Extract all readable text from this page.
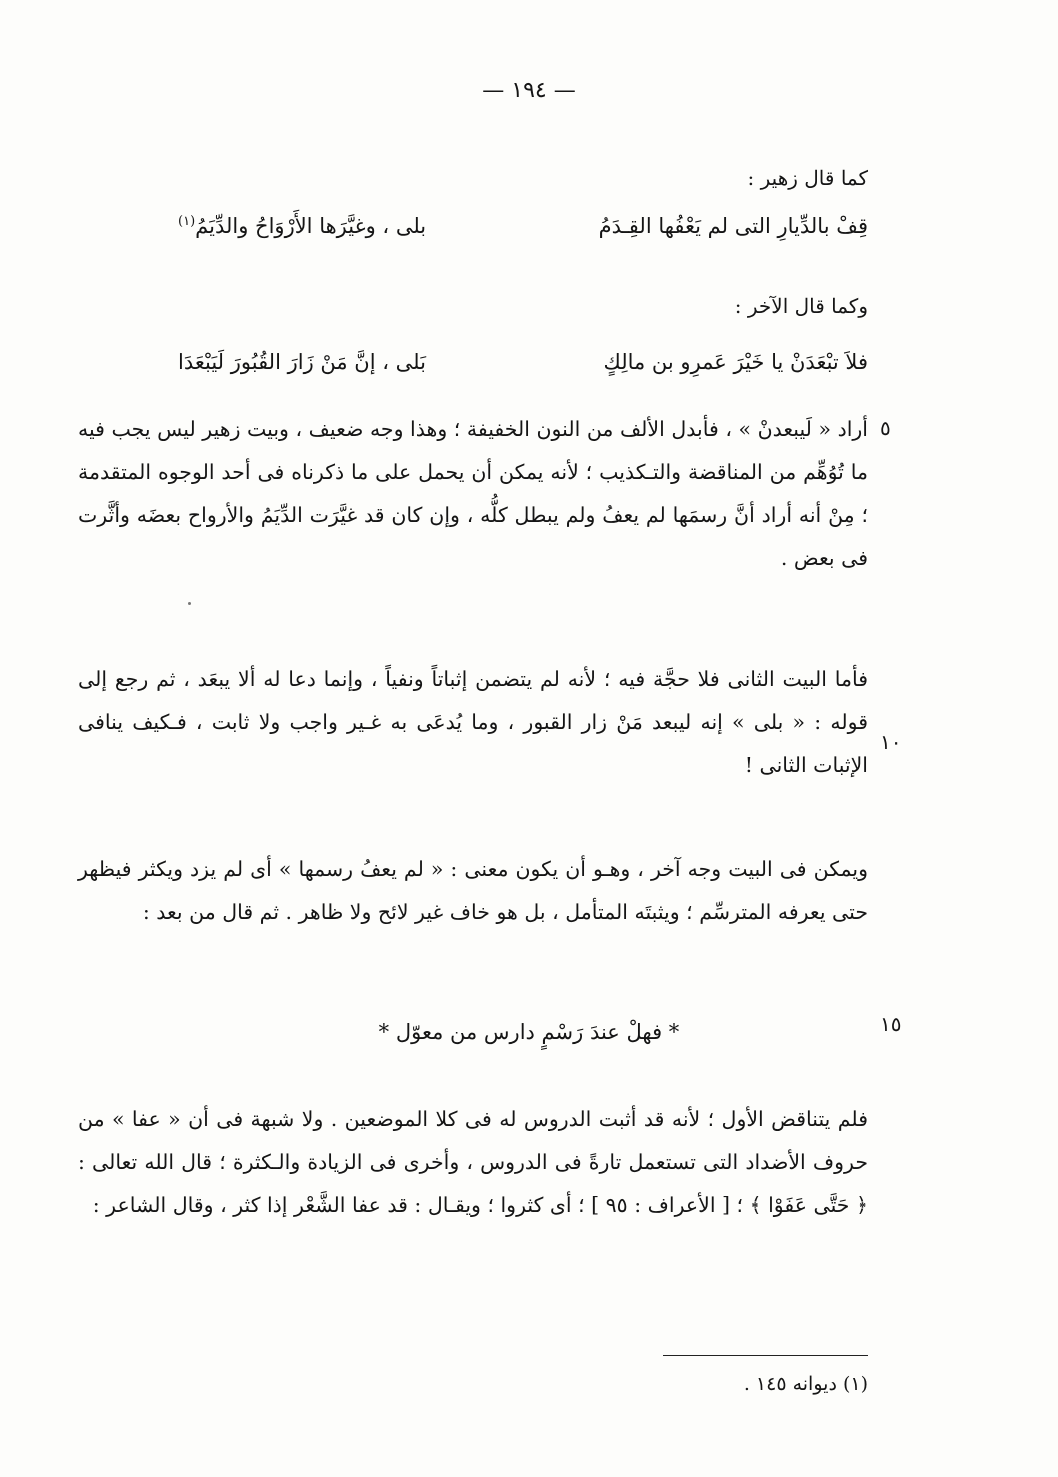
— ١٩٤ —
كما قال زهير :
قِفْ بالدِّيارِ التى لم يَعْفُها القِـدَمُ
بلى ، وغيَّرَها الأَرْوَاحُ والدِّيَمُ$^{(١)}$
وكما قال الآخر :
فلاَ تبْعَدَنْ يا خَيْرَ عَمرِو بن مالِكٍ
بَلى ، إنَّ مَنْ زَارَ القُبُورَ لَيَبْعَدَا
٥
أراد « لَيبعدنْ » ، فأبدل الألف من النون الخفيفة ؛ وهذا وجه ضعيف ، وبيت زهير ليس يجب فيه ما تُوُهِّم من المناقضة والتـكذيب ؛ لأنه يمكن أن يحمل على ما ذكرناه فى أحد الوجوه المتقدمة ؛ مِنْ أنه أراد أنَّ رسمَها لم يعفُ ولم يبطل كلُّه ، وإن كان قد غيَّرَت الدِّيَمُ والأرواح بعضَه وأثَّرت فى بعض .
فأما البيت الثانى فلا حجَّة فيه ؛ لأنه لم يتضمن إثباتاً ونفياً ، وإنما دعا له ألا يبعَد ، ثم رجع إلى قوله : « بلى » إنه ليبعد مَنْ زار القبور ، وما يُدعَى به غـير واجب ولا ثابت ، فـكيف ينافى الإثبات الثانى !
١٠
ويمكن فى البيت وجه آخر ، وهـو أن يكون معنى : « لم يعفُ رسمها » أى لم يزد ويكثر فيظهر حتى يعرفه المترسِّم ؛ ويثبتَه المتأمل ، بل هو خاف غير لائح ولا ظاهر . ثم قال من بعد :
١٥
* فهلْ عندَ رَسْمٍ دارس من معوّل *
فلم يتناقض الأول ؛ لأنه قد أثبت الدروس له فى كلا الموضعين . ولا شبهة فى أن « عفا » من حروف الأضداد التى تستعمل تارةً فى الدروس ، وأخرى فى الزيادة والـكثرة ؛ قال الله تعالى : ﴿ حَتَّى عَفَوْا ﴾ ؛ [ الأعراف : ٩٥ ] ؛ أى كثروا ؛ ويقـال : قد عفا الشَّعْر إذا كثر ، وقال الشاعر :
(١) ديوانه ١٤٥ .
